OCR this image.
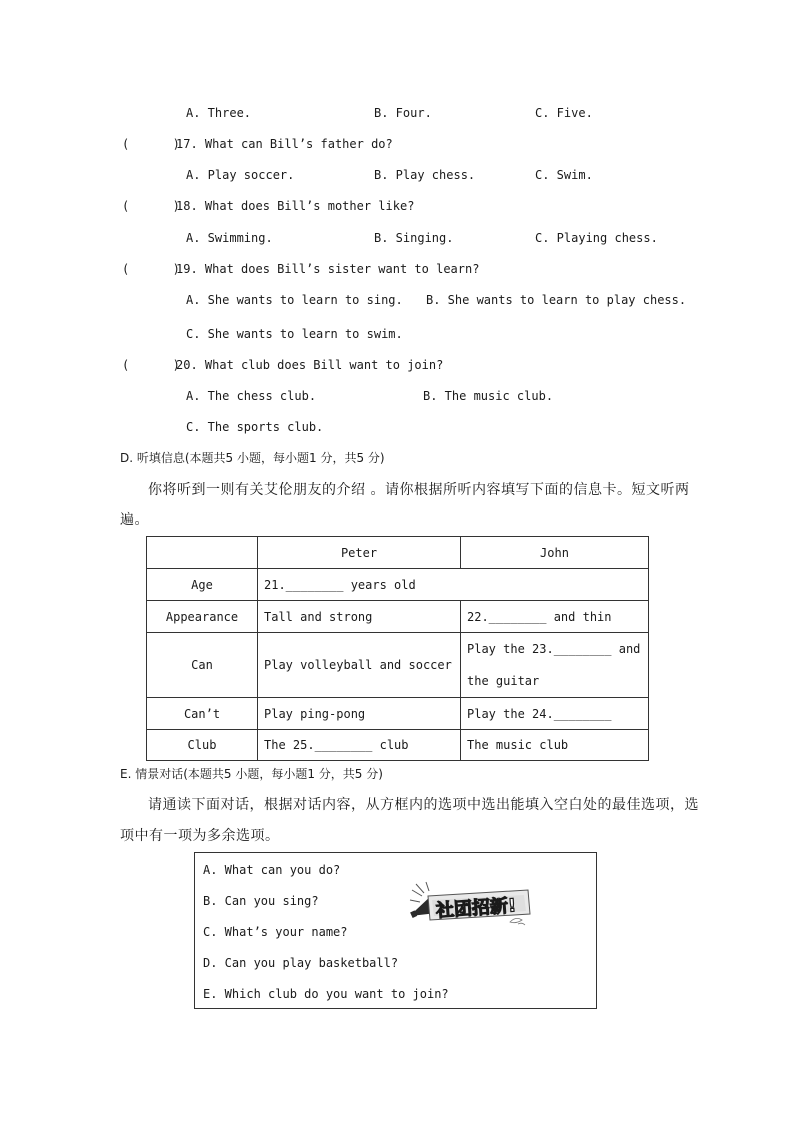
A. Three.	B. Four.	C. Five.
(      )
17. What can Bill’s father do?
A. Play soccer.	B. Play chess.	C. Swim.
(      )
18. What does Bill’s mother like?
A. Swimming.	B. Singing.	C. Playing chess.
(      )
19. What does Bill’s sister want to learn?
A. She wants to learn to sing. B. She wants to learn to play chess.
C. She wants to learn to swim.
(      )
20. What club does Bill want to join?
A. The chess club.	B. The music club.
C. The sports club.
D. 听填信息(本题共5 小题，每小题1 分，共5 分)
你将听到一则有关艾伦朋友的介绍 。请你根据所听内容填写下面的信息卡。短文听两
遍。
	Peter	John
Age	21.________ years old	
Appearance	Tall and strong	22.________ and thin
Can	Play volleyball and soccer	Play the 23.________ and the guitar
Can’t	Play ping-pong	Play the 24.________
Club	The 25.________ club	The music club
E. 情景对话(本题共5 小题，每小题1 分，共5 分)
请通读下面对话，根据对话内容，从方框内的选项中选出能填入空白处的最佳选项，选
项中有一项为多余选项。
A. What can you do?
B. Can you sing?
C. What’s your name?
D. Can you play basketball?
E. Which club do you want to join?
社团招新!
